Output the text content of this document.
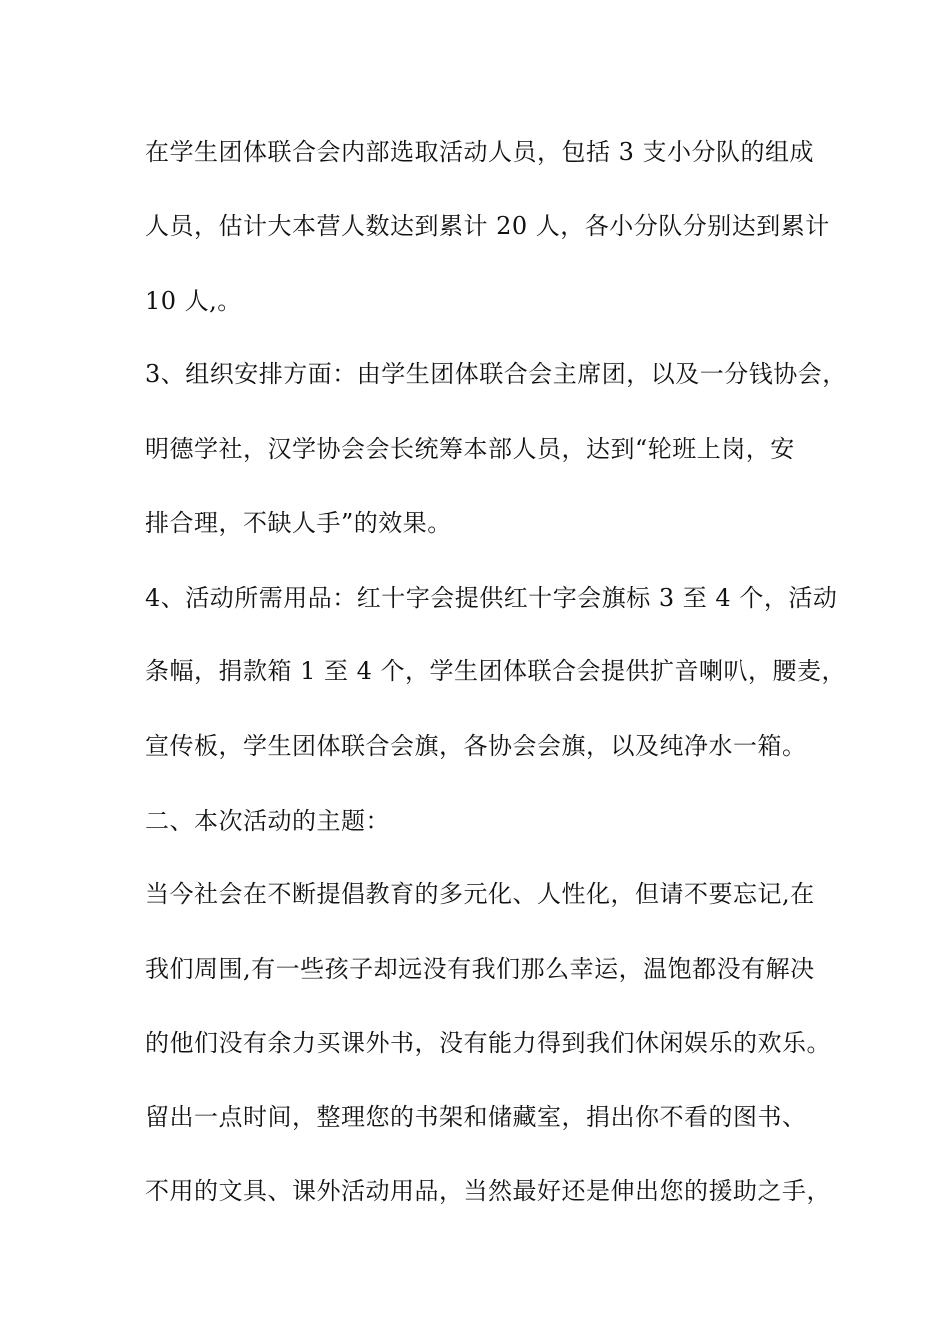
在学生团体联合会内部选取活动人员，包括 3 支小分队的组成
人员，估计大本营人数达到累计 20 人，各小分队分别达到累计
10 人,。
3、组织安排方面：由学生团体联合会主席团，以及一分钱协会，
明德学社，汉学协会会长统筹本部人员，达到“轮班上岗，安
排合理，不缺人手”的效果。
4、活动所需用品：红十字会提供红十字会旗标 3 至 4 个，活动
条幅，捐款箱 1 至 4 个，学生团体联合会提供扩音喇叭，腰麦，
宣传板，学生团体联合会旗，各协会会旗，以及纯净水一箱。
二、本次活动的主题：
当今社会在不断提倡教育的多元化、人性化，但请不要忘记,在
我们周围,有一些孩子却远没有我们那么幸运，温饱都没有解决
的他们没有余力买课外书，没有能力得到我们休闲娱乐的欢乐。
留出一点时间，整理您的书架和储藏室，捐出你不看的图书、
不用的文具、课外活动用品，当然最好还是伸出您的援助之手，
